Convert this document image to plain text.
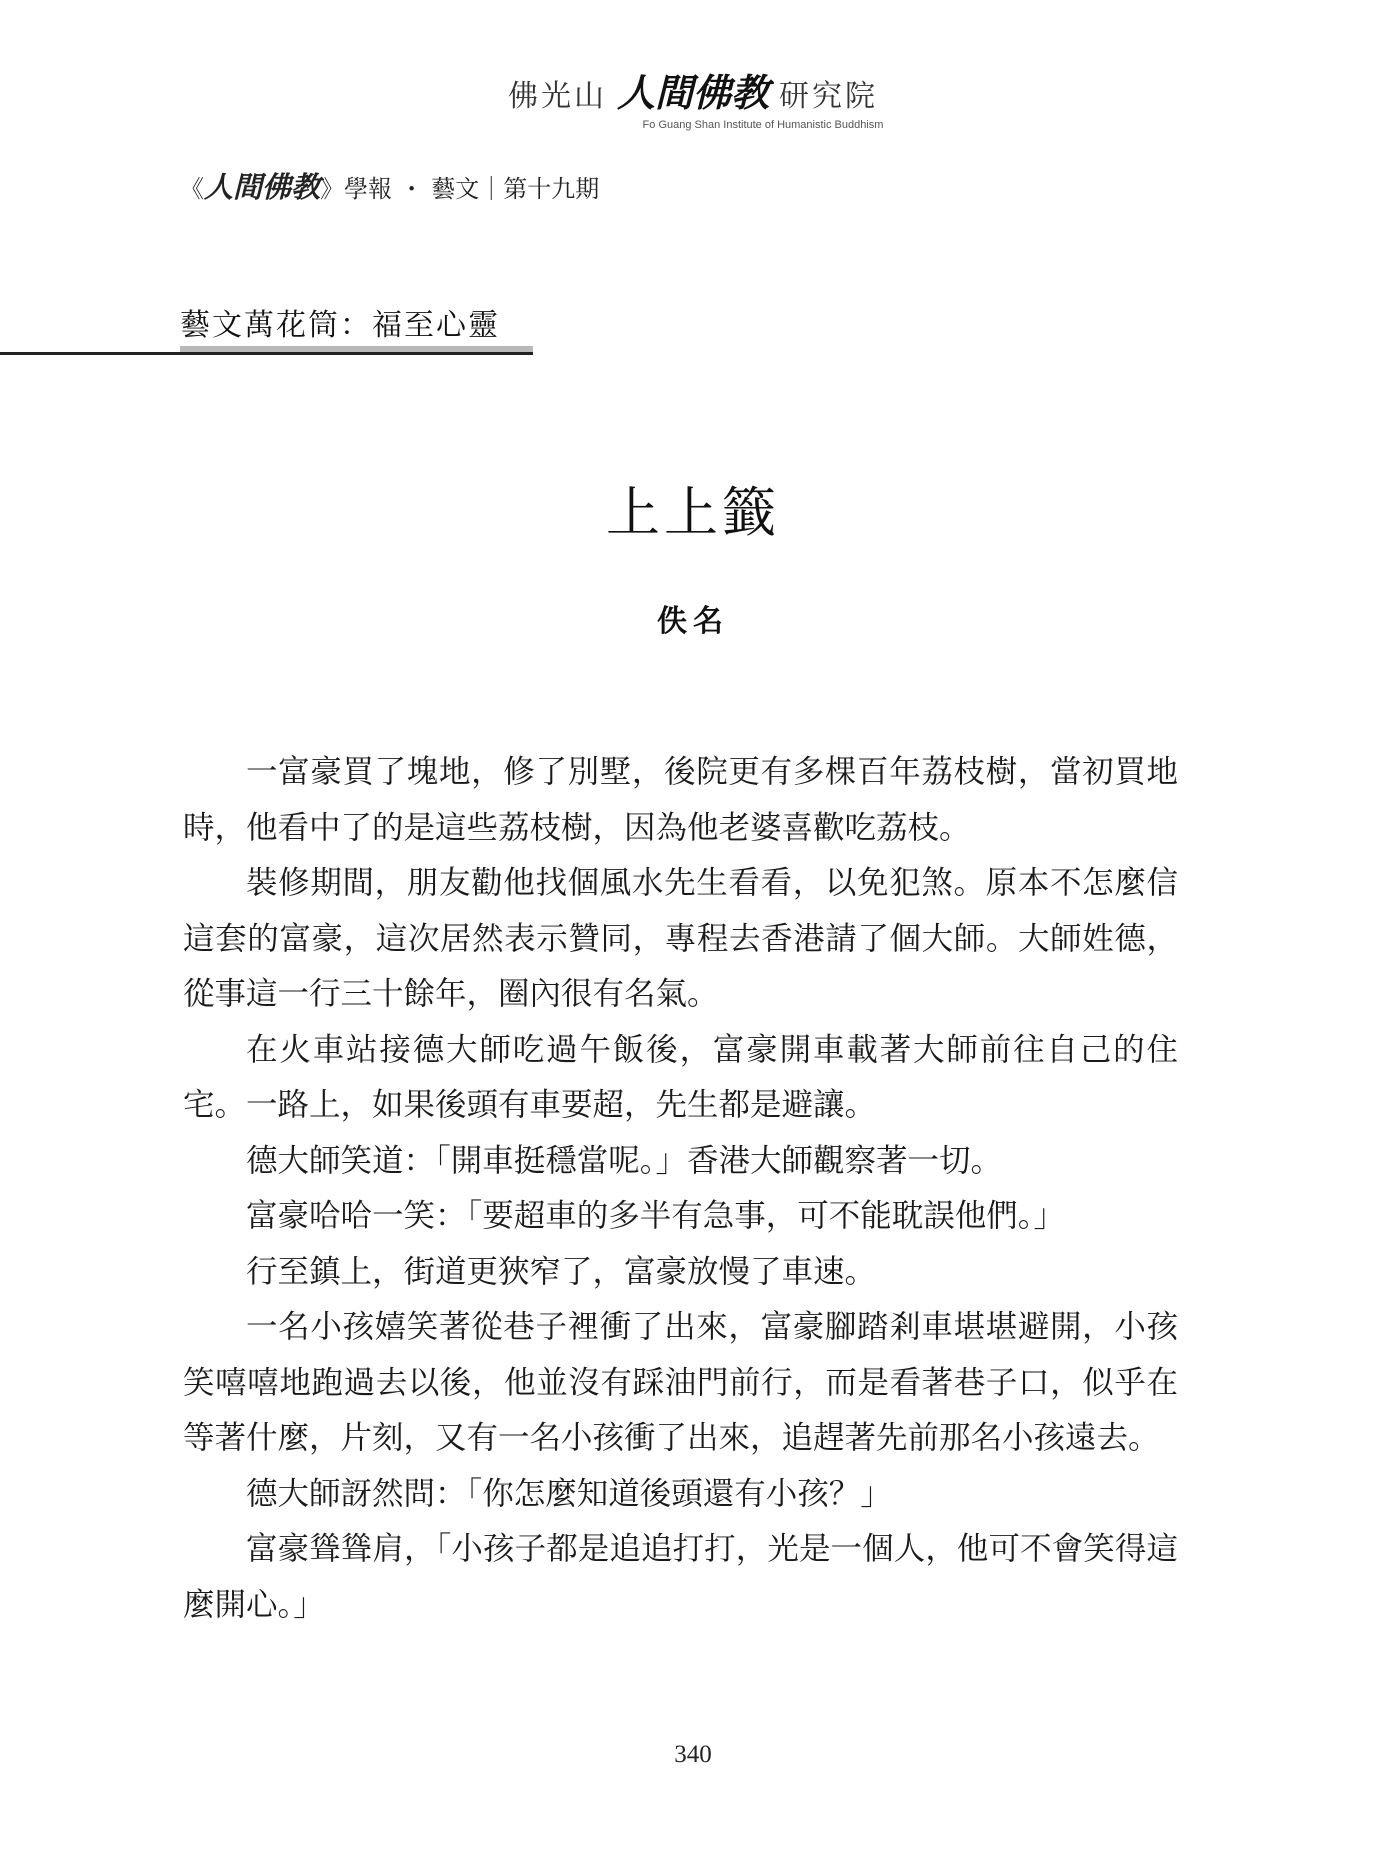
佛光山 人間佛教 研究院
Fo Guang Shan Institute of Humanistic Buddhism
《人間佛教》學報 ・ 藝文｜第十九期
藝文萬花筒：福至心靈
上上籤
佚名

一富豪買了塊地，修了別墅，後院更有多棵百年荔枝樹，當初買地時，他看中了的是這些荔枝樹，因為他老婆喜歡吃荔枝。

裝修期間，朋友勸他找個風水先生看看，以免犯煞。原本不怎麼信這套的富豪，這次居然表示贊同，專程去香港請了個大師。大師姓德，從事這一行三十餘年，圈內很有名氣。

在火車站接德大師吃過午飯後，富豪開車載著大師前往自己的住宅。一路上，如果後頭有車要超，先生都是避讓。

德大師笑道：「開車挺穩當呢。」香港大師觀察著一切。

富豪哈哈一笑：「要超車的多半有急事，可不能耽誤他們。」

行至鎮上，街道更狹窄了，富豪放慢了車速。

一名小孩嬉笑著從巷子裡衝了出來，富豪腳踏剎車堪堪避開，小孩笑嘻嘻地跑過去以後，他並沒有踩油門前行，而是看著巷子口，似乎在等著什麼，片刻，又有一名小孩衝了出來，追趕著先前那名小孩遠去。

德大師訝然問：「你怎麼知道後頭還有小孩？」

富豪聳聳肩，「小孩子都是追追打打，光是一個人，他可不會笑得這麼開心。」

340
